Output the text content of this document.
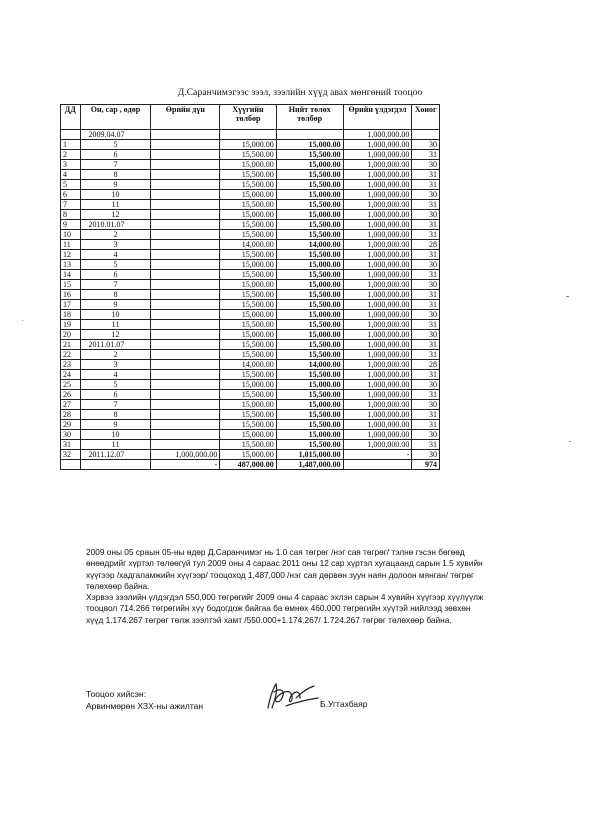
Д.Саранчимэгээс зээл, зээлийн хүүд авах мөнгөний тооцоо
ДД	Он, сар , өдөр	Өрийн дүн	Хүүгийн төлбөр	Нийт төлөх төлбөр	Өрийн үлдэгдэл	Хоног
	2009.04.07				1,000,000.00	
1	5		15,000.00	15,000.00	1,000,000.00	30
2	6		15,500.00	15,500.00	1,000,000.00	31
3	7		15,000.00	15,000.00	1,000,000.00	30
4	8		15,500.00	15,500.00	1,000,000.00	31
5	9		15,500.00	15,500.00	1,000,000.00	31
6	10		15,000.00	15,000.00	1,000,000.00	30
7	11		15,500.00	15,500.00	1,000,000.00	31
8	12		15,000.00	15,000.00	1,000,000.00	30
9	2010.01.07		15,500.00	15,500.00	1,000,000.00	31
10	2		15,500.00	15,500.00	1,000,000.00	31
11	3		14,000.00	14,000.00	1,000,000.00	28
12	4		15,500.00	15,500.00	1,000,000.00	31
13	5		15,000.00	15,000.00	1,000,000.00	30
14	6		15,500.00	15,500.00	1,000,000.00	31
15	7		15,000.00	15,000.00	1,000,000.00	30
16	8		15,500.00	15,500.00	1,000,000.00	31
17	9		15,500.00	15,500.00	1,000,000.00	31
18	10		15,000.00	15,000.00	1,000,000.00	30
19	11		15,500.00	15,500.00	1,000,000.00	31
20	12		15,000.00	15,000.00	1,000,000.00	30
21	2011.01.07		15,500.00	15,500.00	1,000,000.00	31
22	2		15,500.00	15,500.00	1,000,000.00	31
23	3		14,000.00	14,000.00	1,000,000.00	28
24	4		15,500.00	15,500.00	1,000,000.00	31
25	5		15,000.00	15,000.00	1,000,000.00	30
26	6		15,500.00	15,500.00	1,000,000.00	31
27	7		15,000.00	15,000.00	1,000,000.00	30
28	8		15,500.00	15,500.00	1,000,000.00	31
29	9		15,500.00	15,500.00	1,000,000.00	31
30	10		15,000.00	15,000.00	1,000,000.00	30
31	11		15,500.00	15,500.00	1,000,000.00	31
32	2011.12.07	1,000,000.00	15,000.00	1,015,000.00	-	30
		-	487,000.00	1,487,000.00		974

2009 оны 05 сраын 05-ны өдөр Д.Саранчимэг нь 1.0 сая төгрөг /нэг сая төгрөг/ тэлнө гэсэн бөгөөд өнөөдрийг хүртэл төлөөгүй тул 2009 оны 4 сараас 2011 оны 12 сар хүртэл хугацаанд сарын 1.5 хувийн хүүгээр /хадгаламжийн хүүгээр/ тооцоход 1,487,000 /нэг сая дөрвөн зуун наян долоон мянган/ төгрөг төлөхөөр байна.

Хэрвээ зээлийн үлдэгдэл 550,000 төгрөгийг 2009 оны 4 сараас эхлэн сарын 4 хувийн хүүгээр хүүлүүлж тооцвол 714.266 төгрөгийн хүү бодогдож байгаа ба өмнөх 460.000 төгрөгийн хүүтэй нийлээд зөвхөн хүүд 1.174.267 төгрөг төлж зээлтэй хамт /550.000+1.174.267/ 1.724.267 төгрөг төлөхөөр байна.

Тооцоо хийсэн:
Арвинмөрөн ХЗХ-ны ажилтан	Б.Угтахбаяр
